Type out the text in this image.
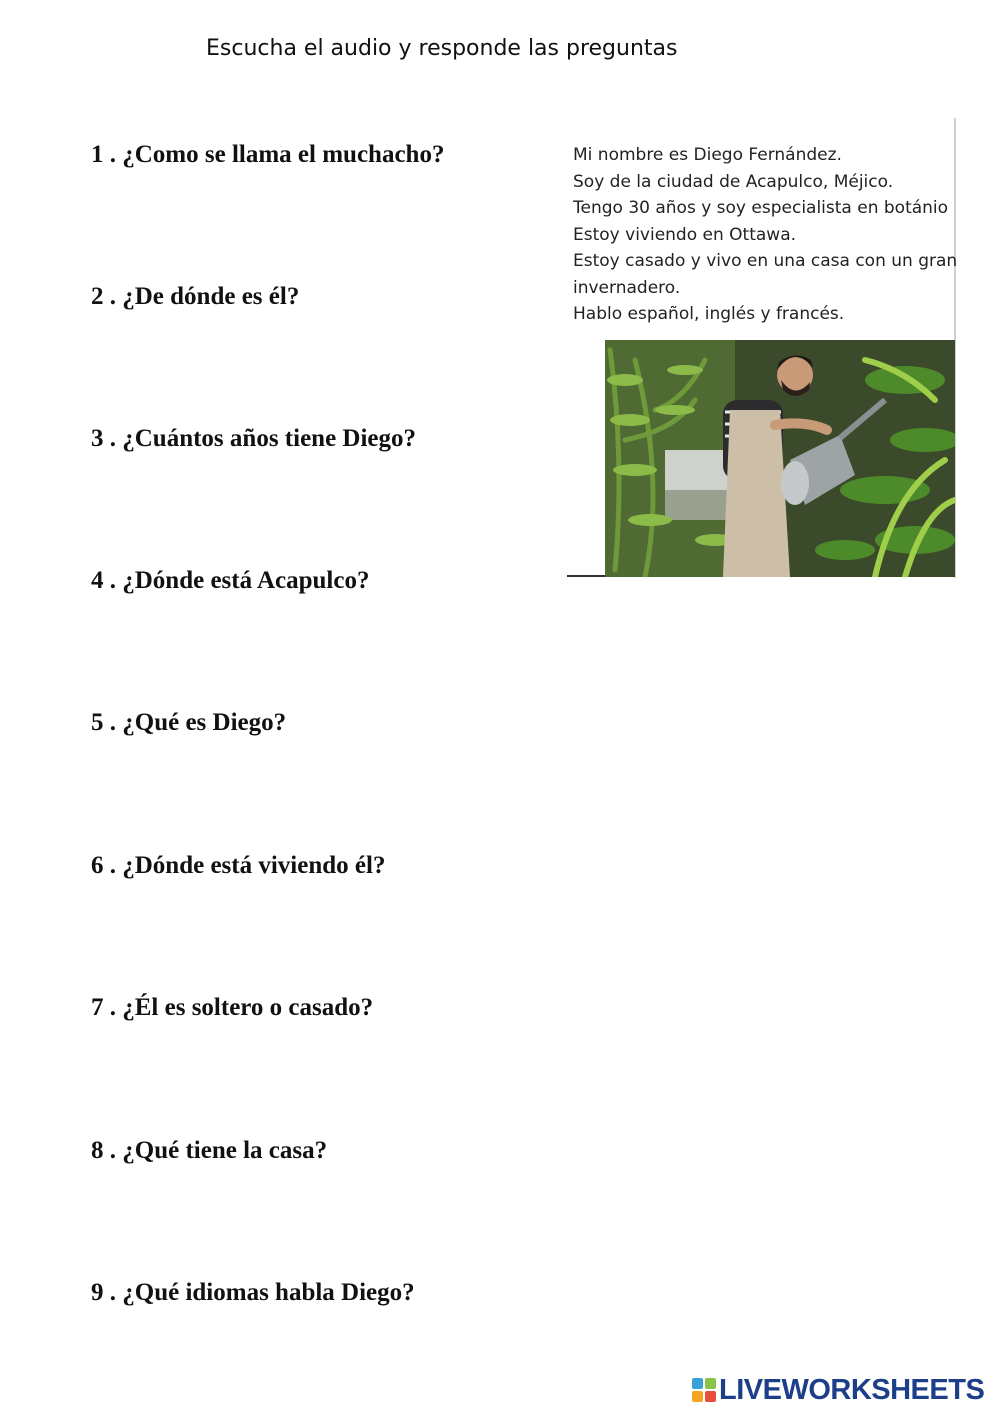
Escucha el audio y responde las preguntas
1 . ¿Como se llama el muchacho?
2 . ¿De dónde es él?
3 . ¿Cuántos años tiene Diego?
4 . ¿Dónde está Acapulco?
5 . ¿Qué es Diego?
6 . ¿Dónde está viviendo él?
7 . ¿Él es soltero o casado?
8 . ¿Qué tiene la casa?
9 . ¿Qué idiomas habla Diego?
Mi nombre es Diego Fernández.
Soy de la ciudad de Acapulco, Méjico.
Tengo 30 años y soy especialista en botánio
Estoy viviendo en Ottawa.
Estoy casado y vivo en una casa con un gran
invernadero.
Hablo español, inglés y francés.
LIVEWORKSHEETS
